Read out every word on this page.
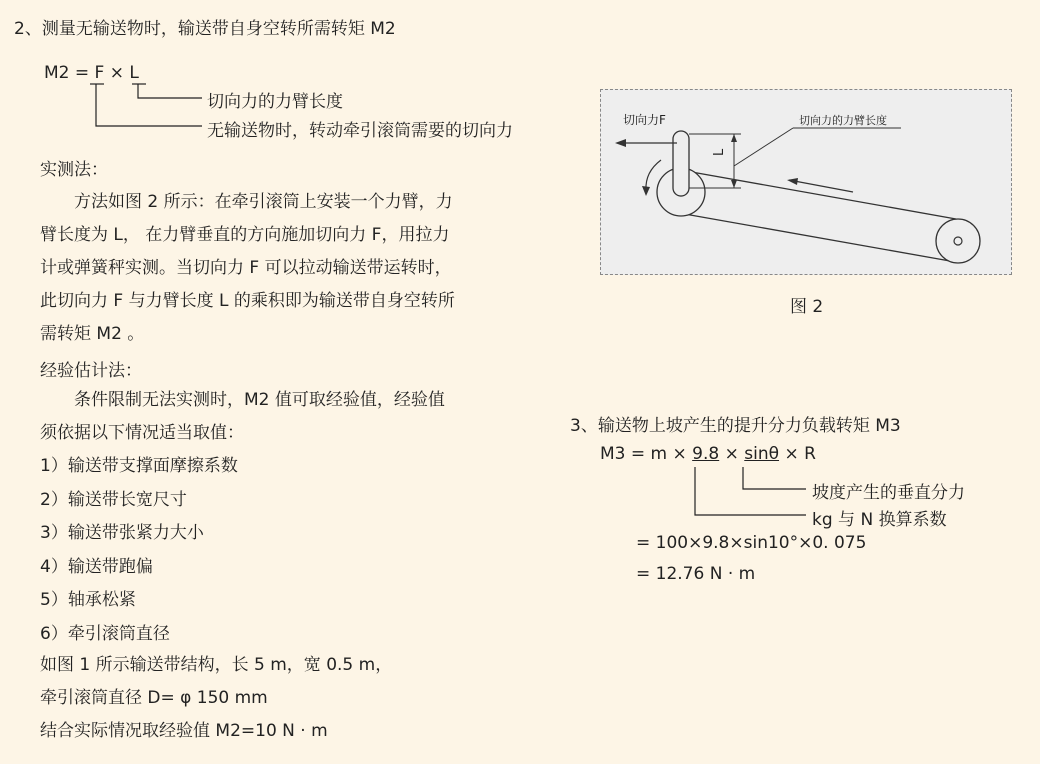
2、测量无输送物时，输送带自身空转所需转矩 M2
M2 = F × L
切向力的力臂长度
无输送物时，转动牵引滚筒需要的切向力
实测法：
方法如图 2 所示：在牵引滚筒上安装一个力臂，力
臂长度为 L， 在力臂垂直的方向施加切向力 F，用拉力
计或弹簧秤实测。当切向力 F 可以拉动输送带运转时，
此切向力 F 与力臂长度 L 的乘积即为输送带自身空转所
需转矩 M2 。
经验估计法：
条件限制无法实测时，M2 值可取经验值，经验值
须依据以下情况适当取值：
1）输送带支撑面摩擦系数
2）输送带长宽尺寸
3）输送带张紧力大小
4）输送带跑偏
5）轴承松紧
6）牵引滚筒直径
如图 1 所示输送带结构，长 5 m，宽 0.5 m，
牵引滚筒直径 D= φ 150 mm
结合实际情况取经验值 M2=10 N · m
L
切向力F	切向力的力臂长度
图 2
3、输送物上坡产生的提升分力负载转矩 M3
M3 = m × 9.8 × sinθ × R
坡度产生的垂直分力
kg 与 N 换算系数
= 100×9.8×sin10°×0. 075
= 12.76 N · m
